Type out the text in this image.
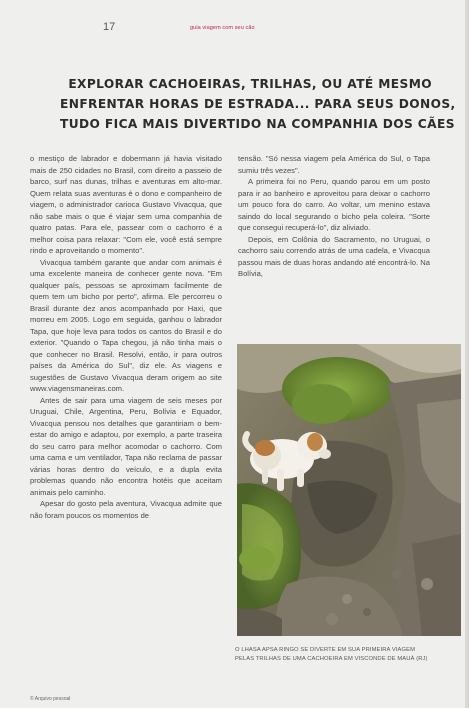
17	guia viagem com seu cão
EXPLORAR CACHOEIRAS, TRILHAS, OU ATÉ MESMO
ENFRENTAR HORAS DE ESTRADA... PARA SEUS DONOS,
TUDO FICA MAIS DIVERTIDO NA COMPANHIA DOS CÃES

o mestiço de labrador e dobermann já havia visitado mais de 250 cidades no Brasil, com direito a passeio de barco, surf nas dunas, trilhas e aventuras em alto-mar. Quem relata suas aventuras é o dono e companheiro de viagem, o administrador carioca Gustavo Vivacqua, que não sabe mais o que é viajar sem uma companhia de quatro patas. Para ele, passear com o cachorro é a melhor coisa para relaxar: "Com ele, você está sempre rindo e aproveitando o momento".

Vivacqua também garante que andar com animais é uma excelente maneira de conhecer gente nova. "Em qualquer país, pessoas se aproximam facilmente de quem tem um bicho por perto", afirma. Ele percorreu o Brasil durante dez anos acompanhado por Haxi, que morreu em 2005. Logo em seguida, ganhou o labrador Tapa, que hoje leva para todos os cantos do Brasil e do exterior. "Quando o Tapa chegou, já não tinha mais o que conhecer no Brasil. Resolvi, então, ir para outros países da América do Sul", diz ele. As viagens e sugestões de Gustavo Vivacqua deram origem ao site www.viagensmaneiras.com.

Antes de sair para uma viagem de seis meses por Uruguai, Chile, Argentina, Peru, Bolívia e Equador, Vivacqua pensou nos detalhes que garantiriam o bem-estar do amigo e adaptou, por exemplo, a parte traseira do seu carro para melhor acomodar o cachorro. Com uma cama e um ventilador, Tapa não reclama de passar várias horas dentro do veículo, e a dupla evita problemas quando não encontra hotéis que aceitam animais pelo caminho.

Apesar do gosto pela aventura, Vivacqua admite que não foram poucos os momentos de

tensão. "Só nessa viagem pela América do Sul, o Tapa sumiu três vezes".

A primeira foi no Peru, quando parou em um posto para ir ao banheiro e aproveitou para deixar o cachorro um pouco fora do carro. Ao voltar, um menino estava saindo do local segurando o bicho pela coleira. "Sorte que consegui recuperá-lo", diz aliviado.

Depois, em Colônia do Sacramento, no Uruguai, o cachorro saiu correndo atrás de uma cadela, e Vivacqua passou mais de duas horas andando até encontrá-lo. Na Bolívia,

O LHASA APSA RINGO SE DIVERTE EM SUA PRIMEIRA VIAGEM
PELAS TRILHAS DE UMA CACHOEIRA EM VISCONDE DE MAUÁ (RJ)
© Arquivo pessoal
